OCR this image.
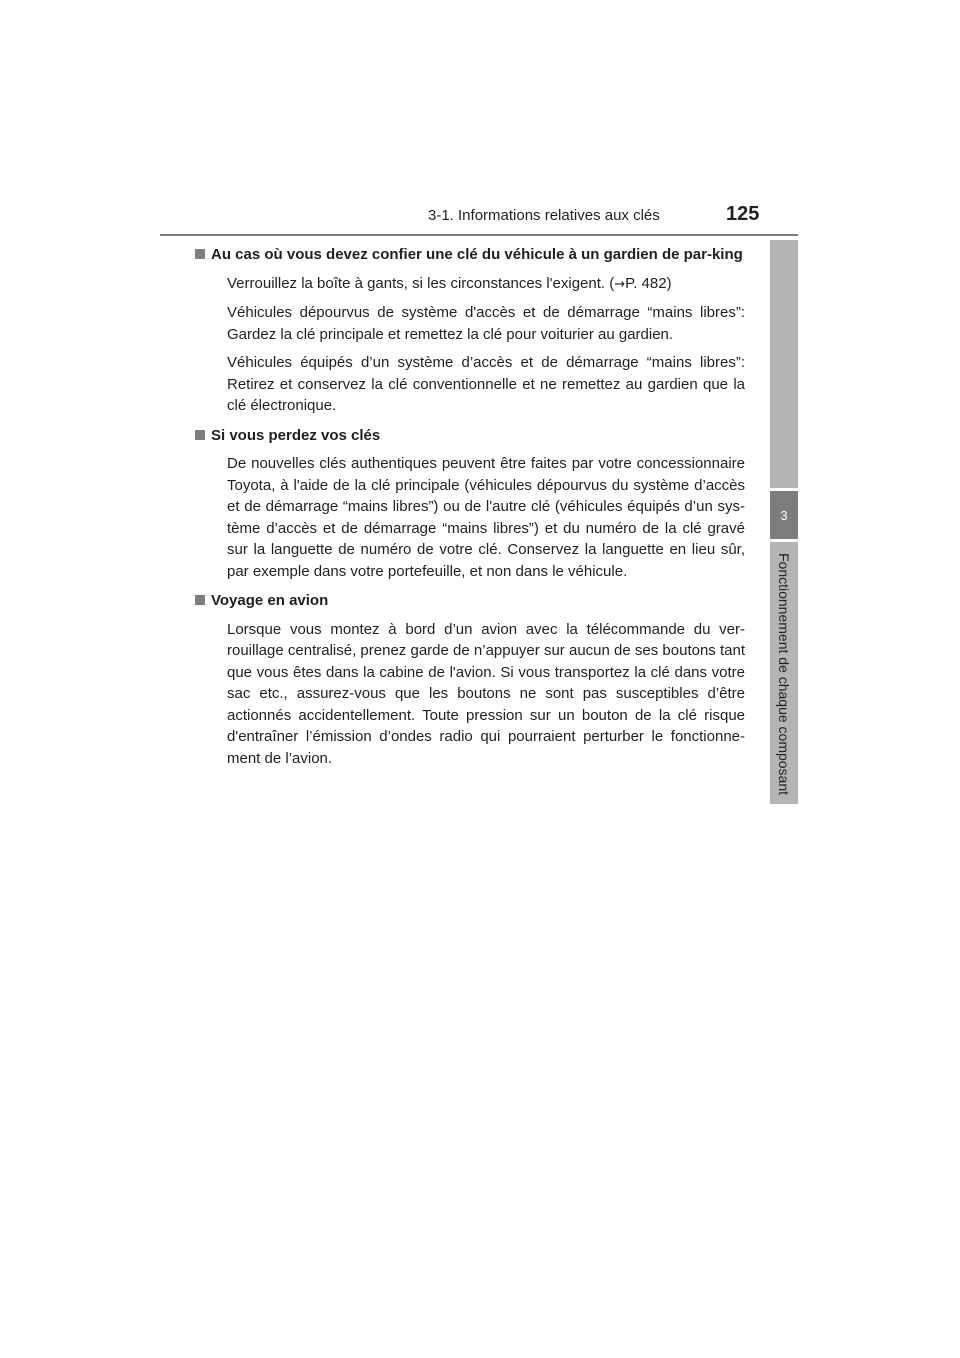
3-1. Informations relatives aux clés	125
3
Fonctionnement de chaque composant

Au cas où vous devez confier une clé du véhicule à un gardien de par-king

Verrouillez la boîte à gants, si les circonstances l'exigent. (→P. 482)

Véhicules dépourvus de système d'accès et de démarrage “mains libres”: Gardez la clé principale et remettez la clé pour voiturier au gardien.

Véhicules équipés d’un système d’accès et de démarrage “mains libres”: Retirez et conservez la clé conventionnelle et ne remettez au gardien que la clé électronique.

Si vous perdez vos clés

De nouvelles clés authentiques peuvent être faites par votre concessionnaire Toyota, à l'aide de la clé principale (véhicules dépourvus du système d’accès et de démarrage “mains libres”) ou de l'autre clé (véhicules équipés d’un sys-tème d’accès et de démarrage “mains libres”) et du numéro de la clé gravé sur la languette de numéro de votre clé. Conservez la languette en lieu sûr, par exemple dans votre portefeuille, et non dans le véhicule.

Voyage en avion

Lorsque vous montez à bord d’un avion avec la télécommande du ver-rouillage centralisé, prenez garde de n’appuyer sur aucun de ses boutons tant que vous êtes dans la cabine de l'avion. Si vous transportez la clé dans votre sac etc., assurez-vous que les boutons ne sont pas susceptibles d’être actionnés accidentellement. Toute pression sur un bouton de la clé risque d'entraîner l’émission d’ondes radio qui pourraient perturber le fonctionne-ment de l’avion.
